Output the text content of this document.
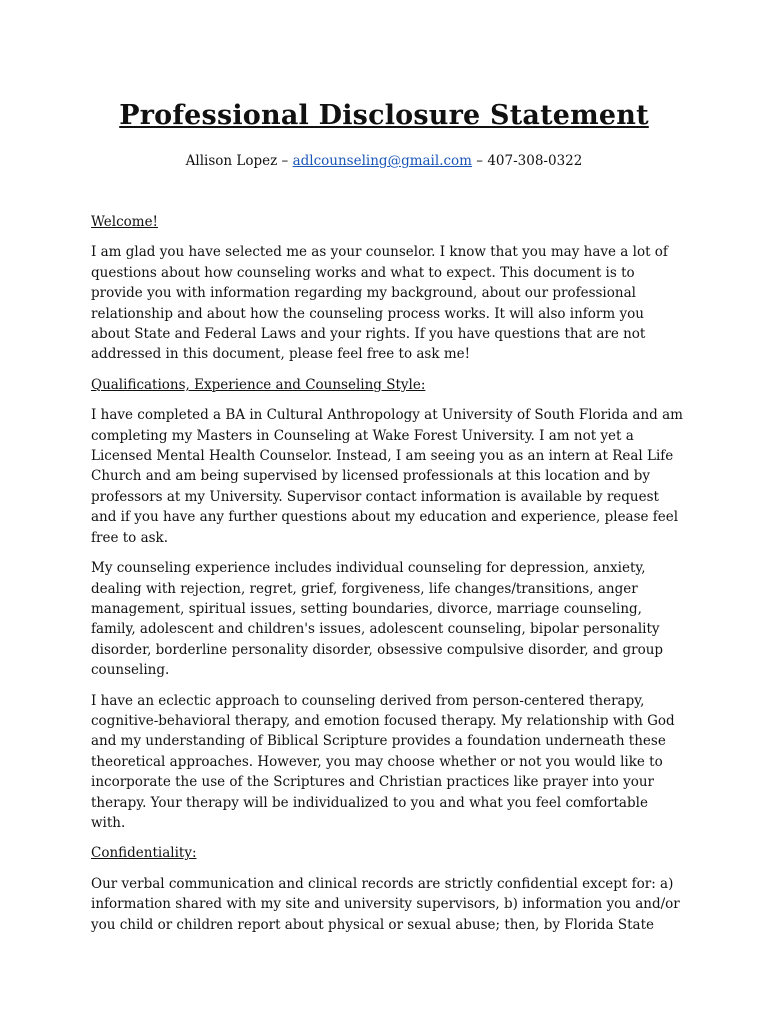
Professional Disclosure Statement

Allison Lopez – adlcounseling@gmail.com – 407-308-0322

Welcome!

I am glad you have selected me as your counselor. I know that you may have a lot of questions about how counseling works and what to expect. This document is to provide you with information regarding my background, about our professional relationship and about how the counseling process works. It will also inform you about State and Federal Laws and your rights. If you have questions that are not addressed in this document, please feel free to ask me!

Qualifications, Experience and Counseling Style:

I have completed a BA in Cultural Anthropology at University of South Florida and am completing my Masters in Counseling at Wake Forest University. I am not yet a Licensed Mental Health Counselor. Instead, I am seeing you as an intern at Real Life Church and am being supervised by licensed professionals at this location and by professors at my University. Supervisor contact information is available by request and if you have any further questions about my education and experience, please feel free to ask.

My counseling experience includes individual counseling for depression, anxiety, dealing with rejection, regret, grief, forgiveness, life changes/transitions, anger management, spiritual issues, setting boundaries, divorce, marriage counseling, family, adolescent and children's issues, adolescent counseling, bipolar personality disorder, borderline personality disorder, obsessive compulsive disorder, and group counseling.

I have an eclectic approach to counseling derived from person-centered therapy, cognitive-behavioral therapy, and emotion focused therapy. My relationship with God and my understanding of Biblical Scripture provides a foundation underneath these theoretical approaches. However, you may choose whether or not you would like to incorporate the use of the Scriptures and Christian practices like prayer into your therapy. Your therapy will be individualized to you and what you feel comfortable with.

Confidentiality:

Our verbal communication and clinical records are strictly confidential except for: a) information shared with my site and university supervisors, b) information you and/or you child or children report about physical or sexual abuse; then, by Florida State
